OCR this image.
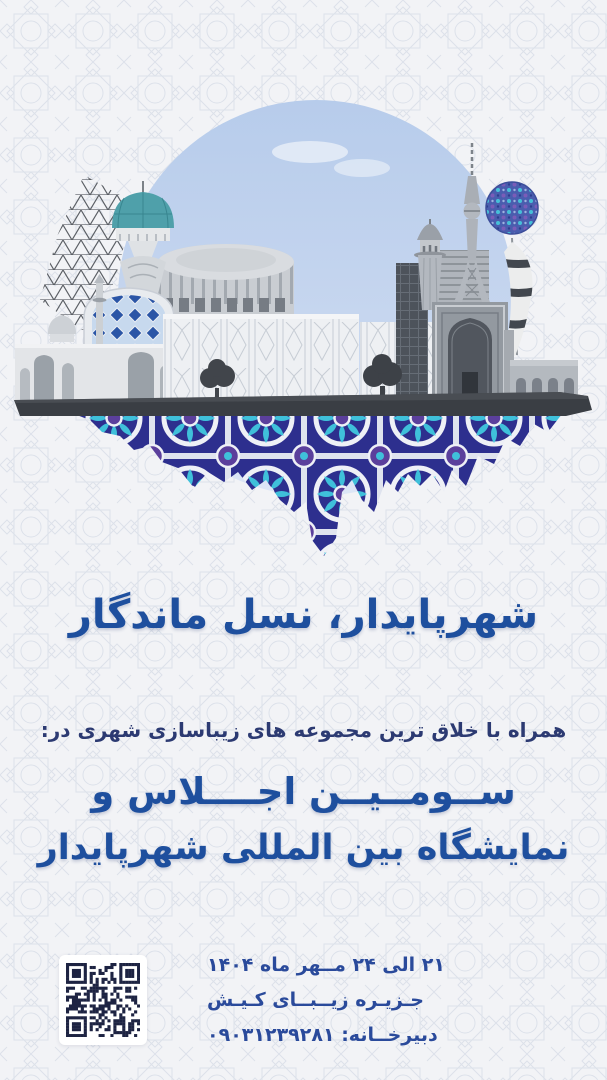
شهرپایدار، نسل ماندگار

همراه با خلاق ترین مجموعه های زیباسازی شهری در:

ســومــیــن اجــــلاس و
نمایشگاه بین المللی شهرپایدار
۲۱ الی ۲۴ مــهر ماه ۱۴۰۴
جـزیـره زیــبــای کـیـش
دبیرخــانه: ۰۹۰۳۱۲۳۹۲۸۱
